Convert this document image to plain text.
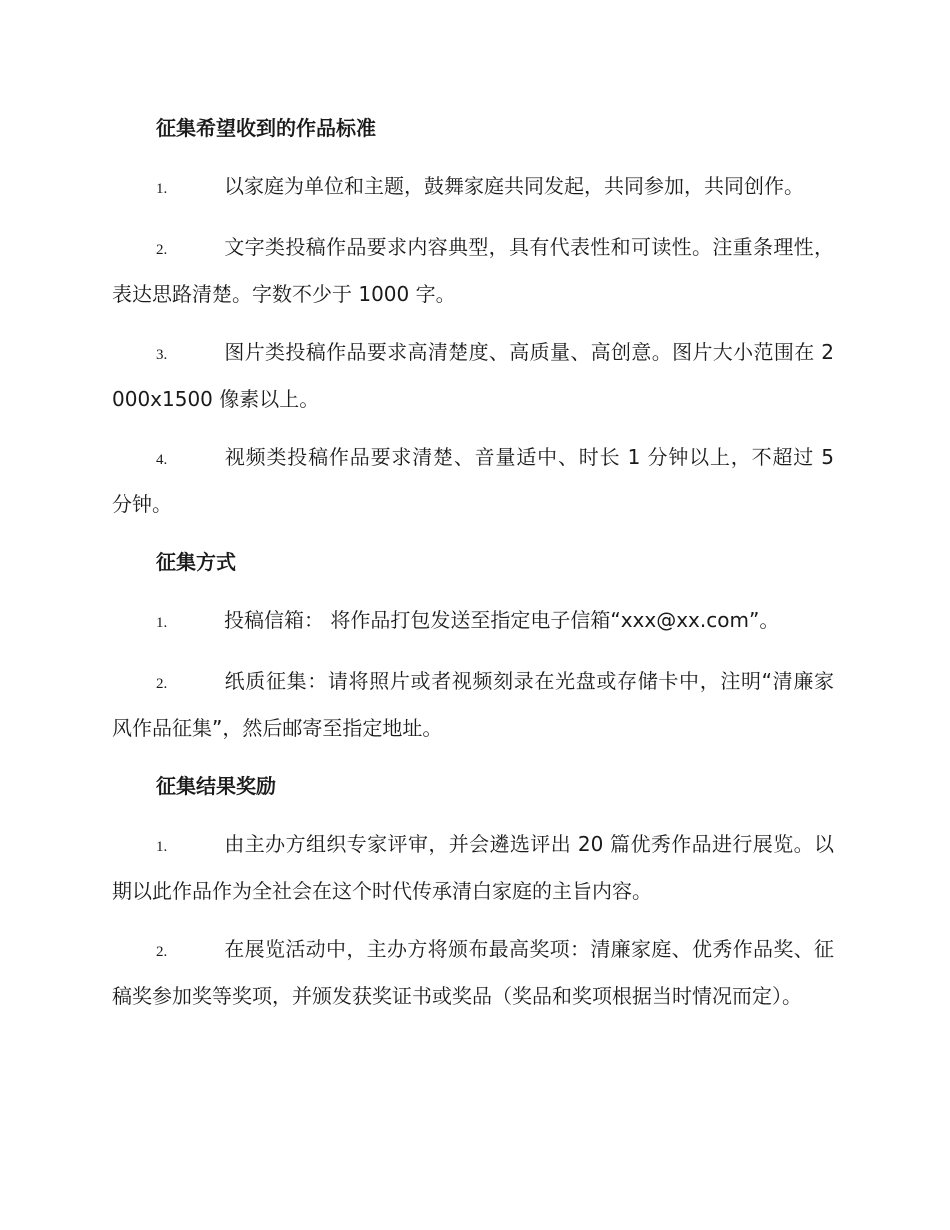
征集希望收到的作品标准
1.	以家庭为单位和主题，鼓舞家庭共同发起，共同参加，共同创作。
2.	文字类投稿作品要求内容典型，具有代表性和可读性。注重条理性，表达思路清楚。字数不少于 1000 字。
3.	图片类投稿作品要求高清楚度、高质量、高创意。图片大小范围在 2000x1500 像素以上。
4.	视频类投稿作品要求清楚、音量适中、时长 1 分钟以上，不超过 5 分钟。
征集方式
1.	投稿信箱： 将作品打包发送至指定电子信箱“xxx@xx.com”。
2.	纸质征集：请将照片或者视频刻录在光盘或存储卡中，注明“清廉家风作品征集”，然后邮寄至指定地址。
征集结果奖励
1.	由主办方组织专家评审，并会遴选评出 20 篇优秀作品进行展览。以期以此作品作为全社会在这个时代传承清白家庭的主旨内容。
2.	在展览活动中，主办方将颁布最高奖项：清廉家庭、优秀作品奖、征稿奖参加奖等奖项，并颁发获奖证书或奖品（奖品和奖项根据当时情况而定）。
